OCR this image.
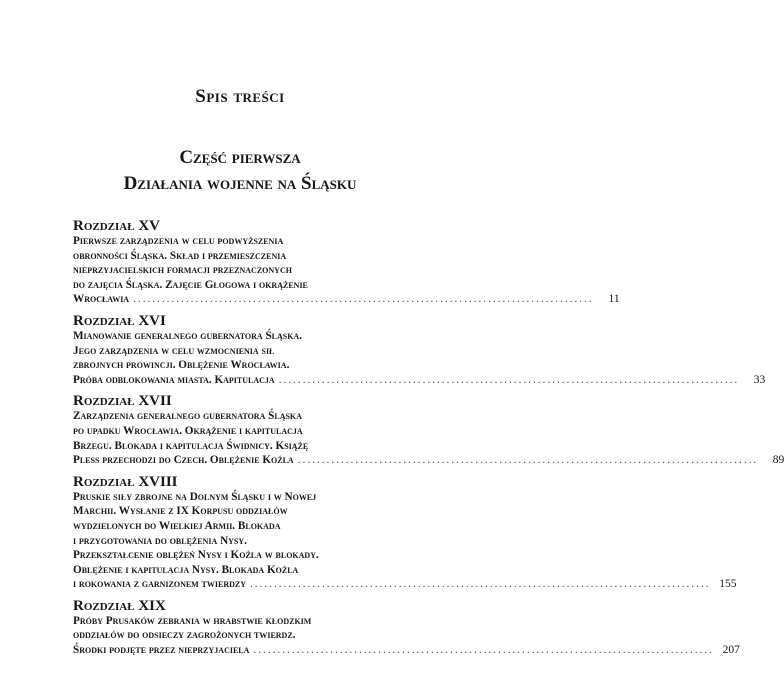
Spis treści
Część pierwsza
Działania wojenne na Śląsku
Rozdział XV
Pierwsze zarządzenia w celu podwyższenia
obronności Śląska. Skład i przemieszczenia
nieprzyjacielskich formacji przeznaczonych
do zajęcia Śląska. Zajęcie Głogowa i okrążenie
Wrocławia ................................................................................................	11
Rozdział XVI
Mianowanie generalnego gubernatora Śląska.
Jego zarządzenia w celu wzmocnienia sił
zbrojnych prowincji. Oblężenie Wrocławia.
Próba odblokowania miasta. Kapitulacja ................................................................................................	33
Rozdział XVII
Zarządzenia generalnego gubernatora Śląska
po upadku Wrocławia. Okrążenie i kapitulacja
Brzegu. Blokada i kapitulacja Świdnicy. Książę
Pless przechodzi do Czech. Oblężenie Koźla ................................................................................................	89
Rozdział XVIII
Pruskie siły zbrojne na Dolnym Śląsku i w Nowej
Marchii. Wysłanie z IX Korpusu oddziałów
wydzielonych do Wielkiej Armii. Blokada
i przygotowania do oblężenia Nysy.
Przekształcenie oblężeń Nysy i Koźla w blokady.
Oblężenie i kapitulacja Nysy. Blokada Koźla
i rokowania z garnizonem twierdzy ................................................................................................ 155
Rozdział XIX
Próby Prusaków zebrania w hrabstwie kłodzkim
oddziałów do odsieczy zagrożonych twierdz.
Środki podjęte przez nieprzyjaciela ................................................................................................ 207
